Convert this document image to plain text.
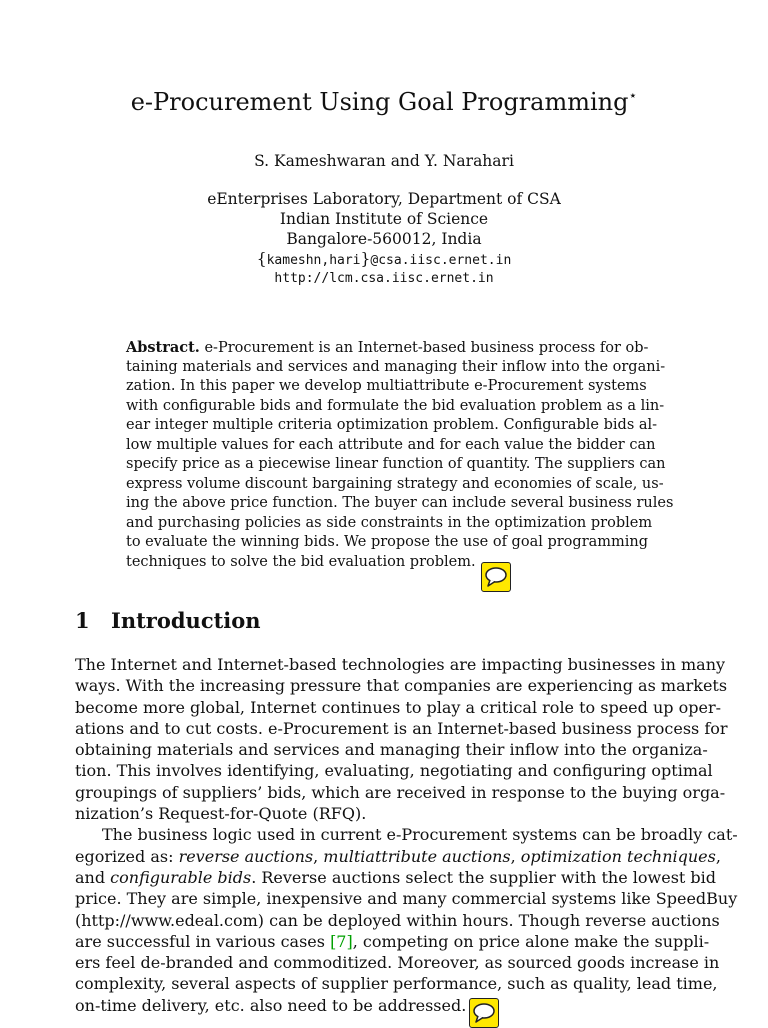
e-Procurement Using Goal Programming⋆
S. Kameshwaran and Y. Narahari
eEnterprises Laboratory, Department of CSA
Indian Institute of Science
Bangalore-560012, India
{kameshn,hari}@csa.iisc.ernet.in
http://lcm.csa.iisc.ernet.in
Abstract. e-Procurement is an Internet-based business process for ob-
taining materials and services and managing their inflow into the organi-
zation. In this paper we develop multiattribute e-Procurement systems
with configurable bids and formulate the bid evaluation problem as a lin-
ear integer multiple criteria optimization problem. Configurable bids al-
low multiple values for each attribute and for each value the bidder can
specify price as a piecewise linear function of quantity. The suppliers can
express volume discount bargaining strategy and economies of scale, us-
ing the above price function. The buyer can include several business rules
and purchasing policies as side constraints in the optimization problem
to evaluate the winning bids. We propose the use of goal programming
techniques to solve the bid evaluation problem.
1 Introduction
The Internet and Internet-based technologies are impacting businesses in many
ways. With the increasing pressure that companies are experiencing as markets
become more global, Internet continues to play a critical role to speed up oper-
ations and to cut costs. e-Procurement is an Internet-based business process for
obtaining materials and services and managing their inflow into the organiza-
tion. This involves identifying, evaluating, negotiating and configuring optimal
groupings of suppliers’ bids, which are received in response to the buying orga-
nization’s Request-for-Quote (RFQ).
The business logic used in current e-Procurement systems can be broadly cat-
egorized as: reverse auctions, multiattribute auctions, optimization techniques,
and configurable bids. Reverse auctions select the supplier with the lowest bid
price. They are simple, inexpensive and many commercial systems like SpeedBuy
(http://www.edeal.com) can be deployed within hours. Though reverse auctions
are successful in various cases [7], competing on price alone make the suppli-
ers feel de-branded and commoditized. Moreover, as sourced goods increase in
complexity, several aspects of supplier performance, such as quality, lead time,
on-time delivery, etc. also need to be addressed.
